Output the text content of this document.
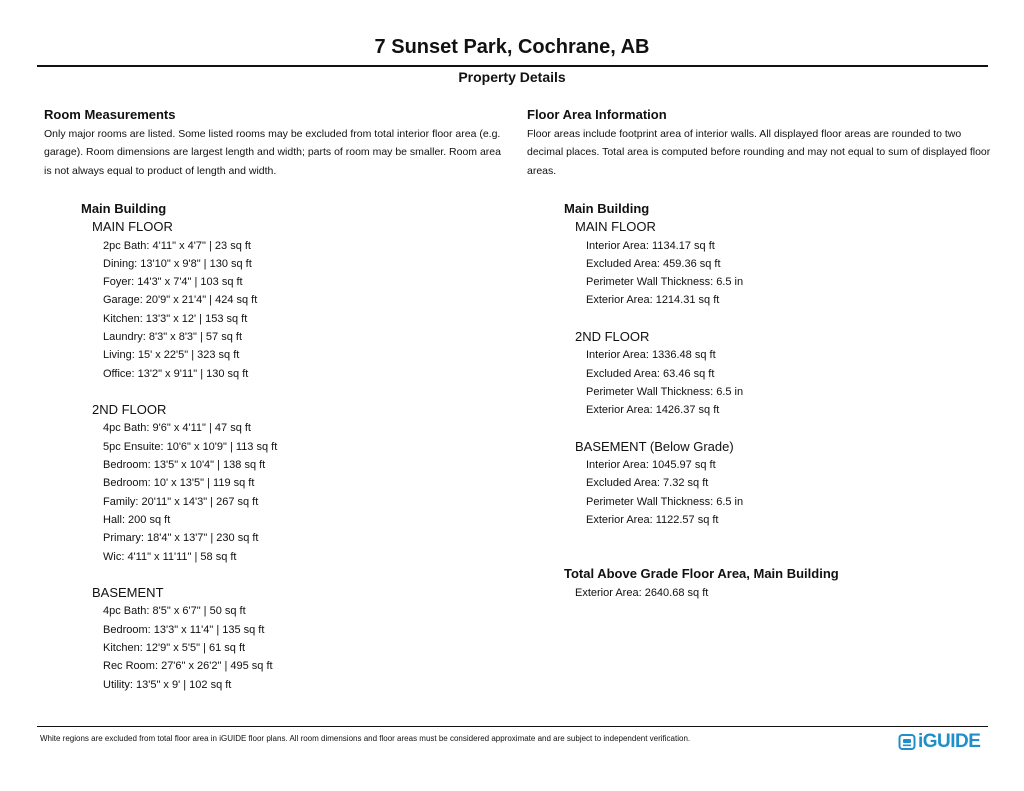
7 Sunset Park, Cochrane, AB
Property Details
Room Measurements
Only major rooms are listed. Some listed rooms may be excluded from total interior floor area (e.g. garage). Room dimensions are largest length and width; parts of room may be smaller. Room area is not always equal to product of length and width.
Main Building
MAIN FLOOR
2pc Bath: 4'11" x 4'7" | 23 sq ft
Dining: 13'10" x 9'8" | 130 sq ft
Foyer: 14'3" x 7'4" | 103 sq ft
Garage: 20'9" x 21'4" | 424 sq ft
Kitchen: 13'3" x 12' | 153 sq ft
Laundry: 8'3" x 8'3" | 57 sq ft
Living: 15' x 22'5" | 323 sq ft
Office: 13'2" x 9'11" | 130 sq ft
2ND FLOOR
4pc Bath: 9'6" x 4'11" | 47 sq ft
5pc Ensuite: 10'6" x 10'9" | 113 sq ft
Bedroom: 13'5" x 10'4" | 138 sq ft
Bedroom: 10' x 13'5" | 119 sq ft
Family: 20'11" x 14'3" | 267 sq ft
Hall: 200 sq ft
Primary: 18'4" x 13'7" | 230 sq ft
Wic: 4'11" x 11'11" | 58 sq ft
BASEMENT
4pc Bath: 8'5" x 6'7" | 50 sq ft
Bedroom: 13'3" x 11'4" | 135 sq ft
Kitchen: 12'9" x 5'5" | 61 sq ft
Rec Room: 27'6" x 26'2" | 495 sq ft
Utility: 13'5" x 9' | 102 sq ft
Floor Area Information
Floor areas include footprint area of interior walls. All displayed floor areas are rounded to two decimal places. Total area is computed before rounding and may not equal to sum of displayed floor areas.
Main Building
MAIN FLOOR
Interior Area: 1134.17 sq ft
Excluded Area: 459.36 sq ft
Perimeter Wall Thickness: 6.5 in
Exterior Area: 1214.31 sq ft
2ND FLOOR
Interior Area: 1336.48 sq ft
Excluded Area: 63.46 sq ft
Perimeter Wall Thickness: 6.5 in
Exterior Area: 1426.37 sq ft
BASEMENT (Below Grade)
Interior Area: 1045.97 sq ft
Excluded Area: 7.32 sq ft
Perimeter Wall Thickness: 6.5 in
Exterior Area: 1122.57 sq ft
Total Above Grade Floor Area, Main Building
Exterior Area: 2640.68 sq ft
White regions are excluded from total floor area in iGUIDE floor plans. All room dimensions and floor areas must be considered approximate and are subject to independent verification.	iGUIDE
